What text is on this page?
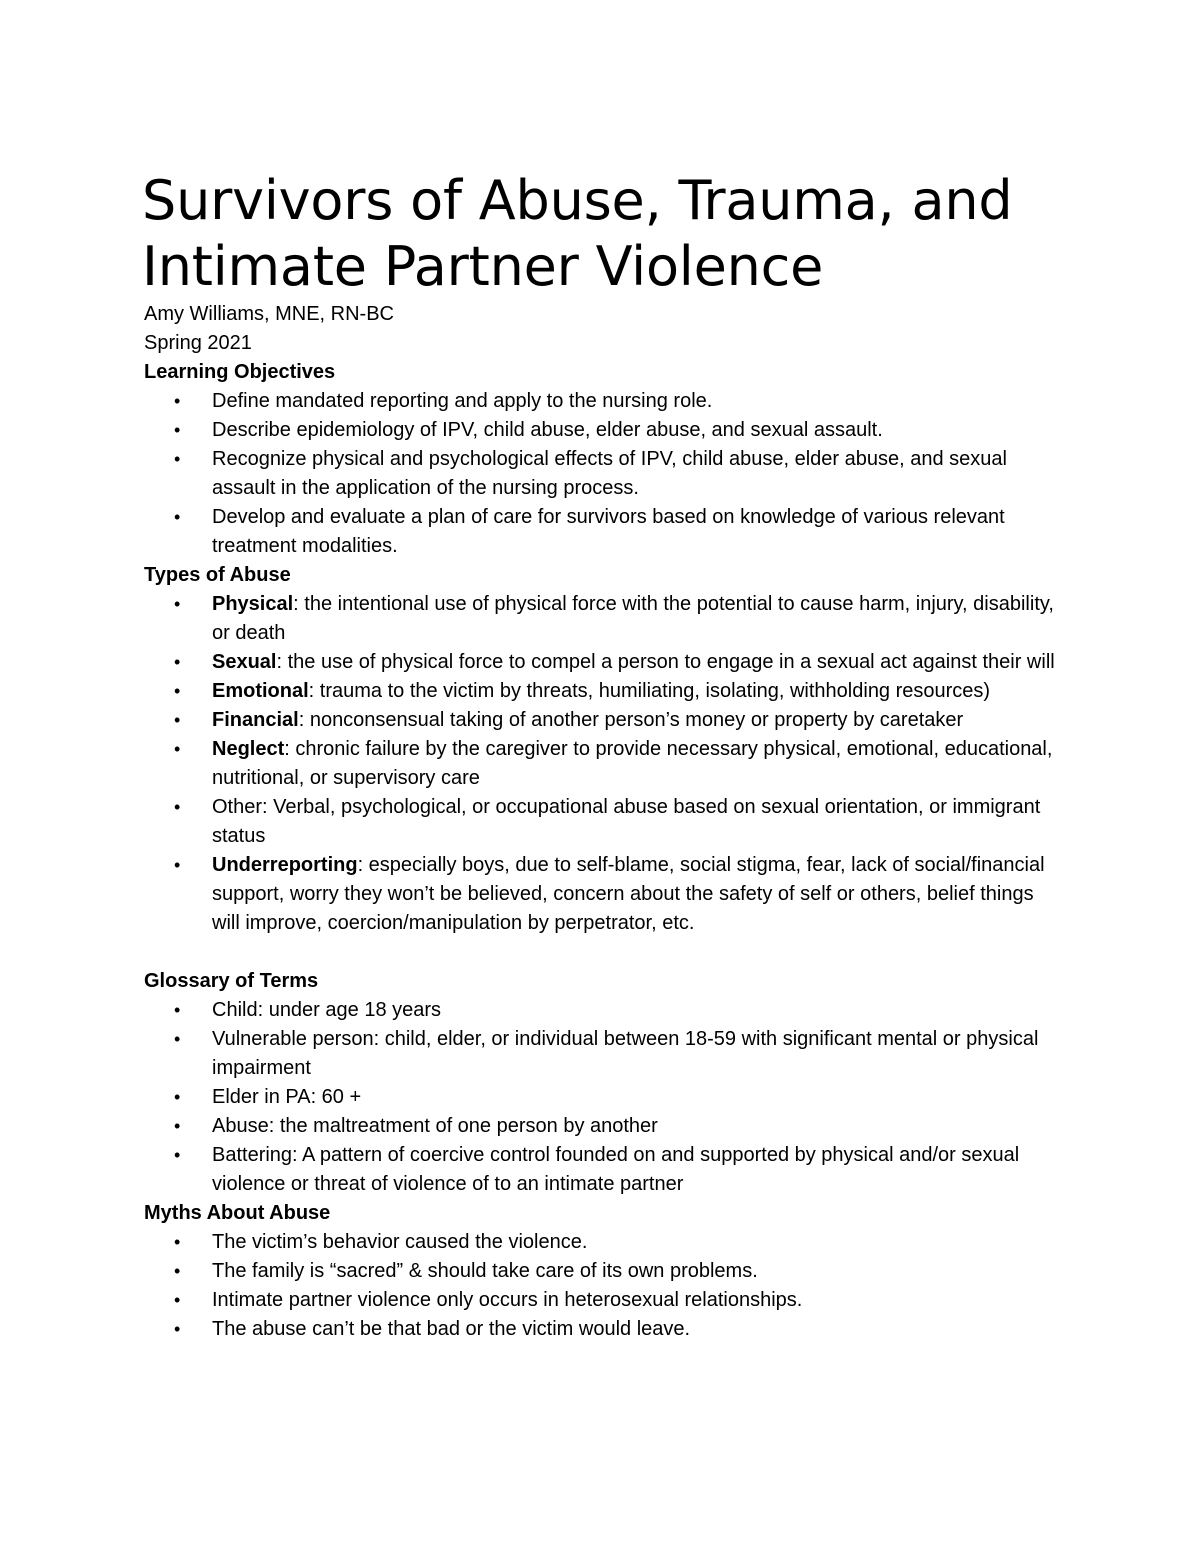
Survivors of Abuse, Trauma, and Intimate Partner Violence

Amy Williams, MNE, RN-BC

Spring 2021

Learning Objectives

• Define mandated reporting and apply to the nursing role.
• Describe epidemiology of IPV, child abuse, elder abuse, and sexual assault.
• Recognize physical and psychological effects of IPV, child abuse, elder abuse, and sexual assault in the application of the nursing process.
• Develop and evaluate a plan of care for survivors based on knowledge of various relevant treatment modalities.

Types of Abuse

• Physical: the intentional use of physical force with the potential to cause harm, injury, disability, or death
• Sexual: the use of physical force to compel a person to engage in a sexual act against their will
• Emotional: trauma to the victim by threats, humiliating, isolating, withholding resources)
• Financial: nonconsensual taking of another person’s money or property by caretaker
• Neglect: chronic failure by the caregiver to provide necessary physical, emotional, educational, nutritional, or supervisory care
• Other: Verbal, psychological, or occupational abuse based on sexual orientation, or immigrant status
• Underreporting: especially boys, due to self-blame, social stigma, fear, lack of social/financial support, worry they won’t be believed, concern about the safety of self or others, belief things will improve, coercion/manipulation by perpetrator, etc.

Glossary of Terms

• Child: under age 18 years
• Vulnerable person: child, elder, or individual between 18-59 with significant mental or physical impairment
• Elder in PA: 60 +
• Abuse: the maltreatment of one person by another
• Battering: A pattern of coercive control founded on and supported by physical and/or sexual violence or threat of violence of to an intimate partner

Myths About Abuse

• The victim’s behavior caused the violence.
• The family is “sacred” & should take care of its own problems.
• Intimate partner violence only occurs in heterosexual relationships.
• The abuse can’t be that bad or the victim would leave.
